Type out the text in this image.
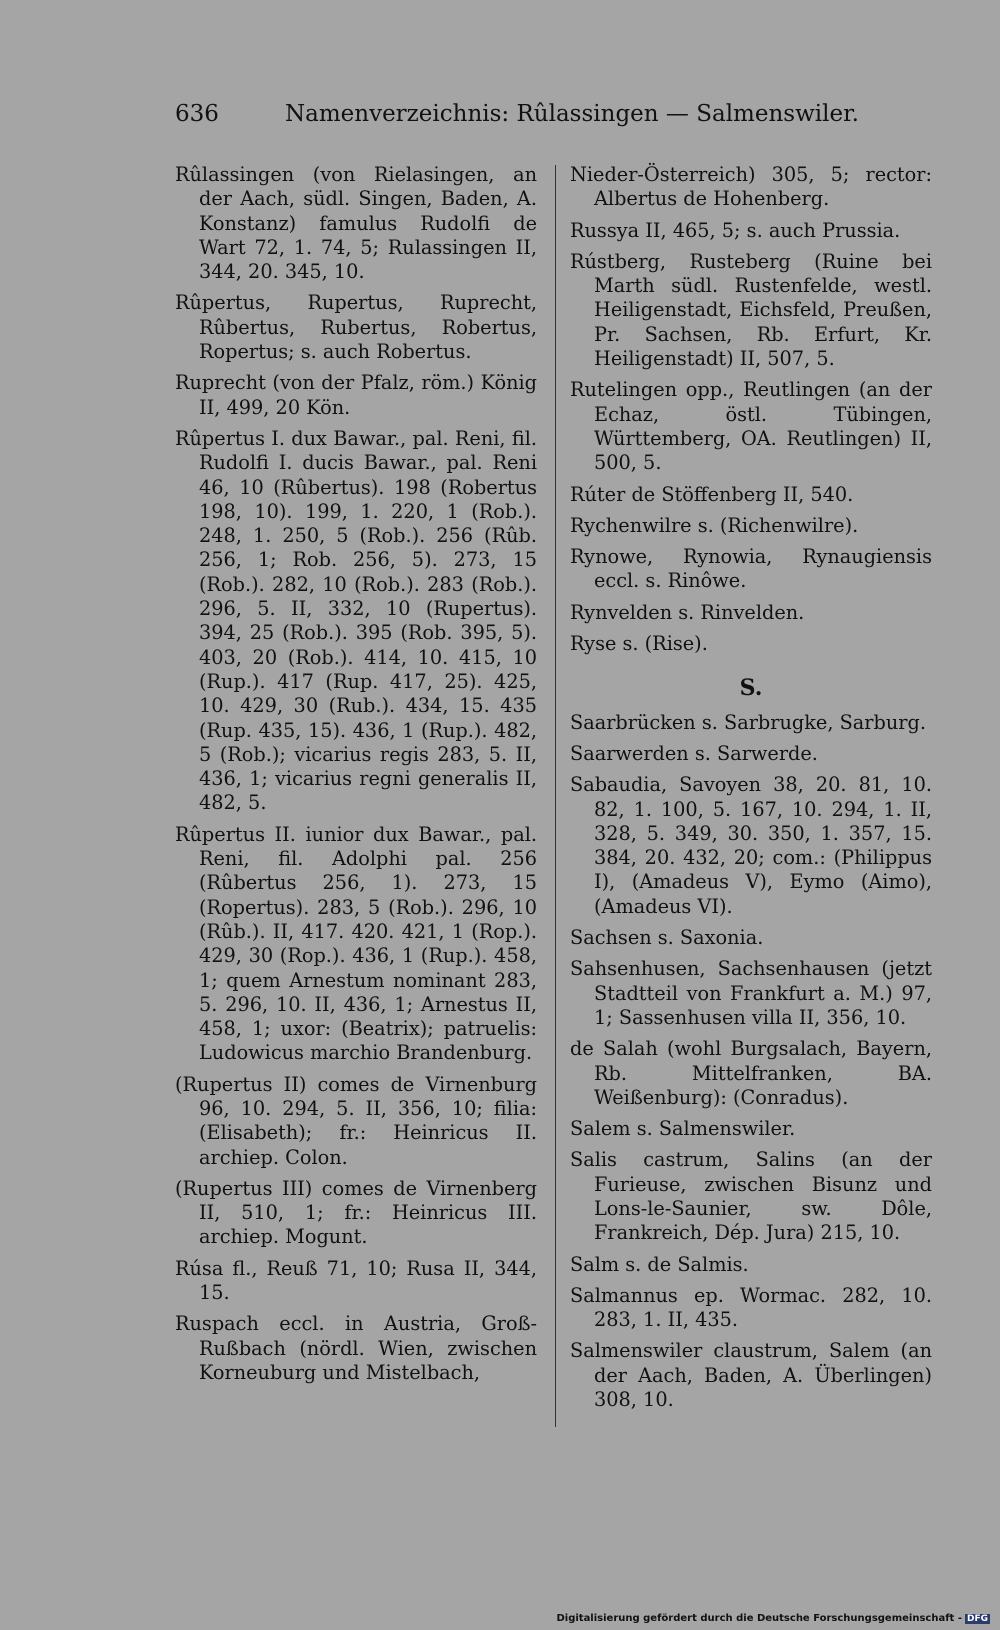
636	Namenverzeichnis: Rûlassingen — Salmenswiler.

Rûlassingen (von Rielasingen, an der Aach, südl. Singen, Baden, A. Konstanz) famulus Rudolfi de Wart 72, 1. 74, 5; Rulassingen II, 344, 20. 345, 10.

Rûpertus, Rupertus, Ruprecht, Rûbertus, Rubertus, Robertus, Ropertus; s. auch Robertus.

Ruprecht (von der Pfalz, röm.) König II, 499, 20 Kön.

Rûpertus I. dux Bawar., pal. Reni, fil. Rudolfi I. ducis Bawar., pal. Reni 46, 10 (Rûbertus). 198 (Robertus 198, 10). 199, 1. 220, 1 (Rob.). 248, 1. 250, 5 (Rob.). 256 (Rûb. 256, 1; Rob. 256, 5). 273, 15 (Rob.). 282, 10 (Rob.). 283 (Rob.). 296, 5. II, 332, 10 (Rupertus). 394, 25 (Rob.). 395 (Rob. 395, 5). 403, 20 (Rob.). 414, 10. 415, 10 (Rup.). 417 (Rup. 417, 25). 425, 10. 429, 30 (Rub.). 434, 15. 435 (Rup. 435, 15). 436, 1 (Rup.). 482, 5 (Rob.); vicarius regis 283, 5. II, 436, 1; vicarius regni generalis II, 482, 5.

Rûpertus II. iunior dux Bawar., pal. Reni, fil. Adolphi pal. 256 (Rûbertus 256, 1). 273, 15 (Ropertus). 283, 5 (Rob.). 296, 10 (Rûb.). II, 417. 420. 421, 1 (Rop.). 429, 30 (Rop.). 436, 1 (Rup.). 458, 1; quem Arnestum nominant 283, 5. 296, 10. II, 436, 1; Arnestus II, 458, 1; uxor: (Beatrix); patruelis: Ludowicus marchio Brandenburg.

(Rupertus II) comes de Virnenburg 96, 10. 294, 5. II, 356, 10; filia: (Elisabeth); fr.: Heinricus II. archiep. Colon.

(Rupertus III) comes de Virnenberg II, 510, 1; fr.: Heinricus III. archiep. Mogunt.

Rúsa fl., Reuß 71, 10; Rusa II, 344, 15.

Ruspach eccl. in Austria, Groß-Rußbach (nördl. Wien, zwischen Korneuburg und Mistelbach,

Nieder-Österreich) 305, 5; rector: Albertus de Hohenberg.

Russya II, 465, 5; s. auch Prussia.

Rústberg, Rusteberg (Ruine bei Marth südl. Rustenfelde, westl. Heiligenstadt, Eichsfeld, Preußen, Pr. Sachsen, Rb. Erfurt, Kr. Heiligenstadt) II, 507, 5.

Rutelingen opp., Reutlingen (an der Echaz, östl. Tübingen, Württemberg, OA. Reutlingen) II, 500, 5.

Rúter de Stöffenberg II, 540.

Rychenwilre s. (Richenwilre).

Rynowe, Rynowia, Rynaugiensis eccl. s. Rinôwe.

Rynvelden s. Rinvelden.

Ryse s. (Rise).

S.

Saarbrücken s. Sarbrugke, Sarburg.

Saarwerden s. Sarwerde.

Sabaudia, Savoyen 38, 20. 81, 10. 82, 1. 100, 5. 167, 10. 294, 1. II, 328, 5. 349, 30. 350, 1. 357, 15. 384, 20. 432, 20; com.: (Philippus I), (Amadeus V), Eymo (Aimo), (Amadeus VI).

Sachsen s. Saxonia.

Sahsenhusen, Sachsenhausen (jetzt Stadtteil von Frankfurt a. M.) 97, 1; Sassenhusen villa II, 356, 10.

de Salah (wohl Burgsalach, Bayern, Rb. Mittelfranken, BA. Weißenburg): (Conradus).

Salem s. Salmenswiler.

Salis castrum, Salins (an der Furieuse, zwischen Bisunz und Lons-le-Saunier, sw. Dôle, Frankreich, Dép. Jura) 215, 10.

Salm s. de Salmis.

Salmannus ep. Wormac. 282, 10. 283, 1. II, 435.

Salmenswiler claustrum, Salem (an der Aach, Baden, A. Überlingen) 308, 10.

Digitalisierung gefördert durch die Deutsche Forschungsgemeinschaft - DFG
